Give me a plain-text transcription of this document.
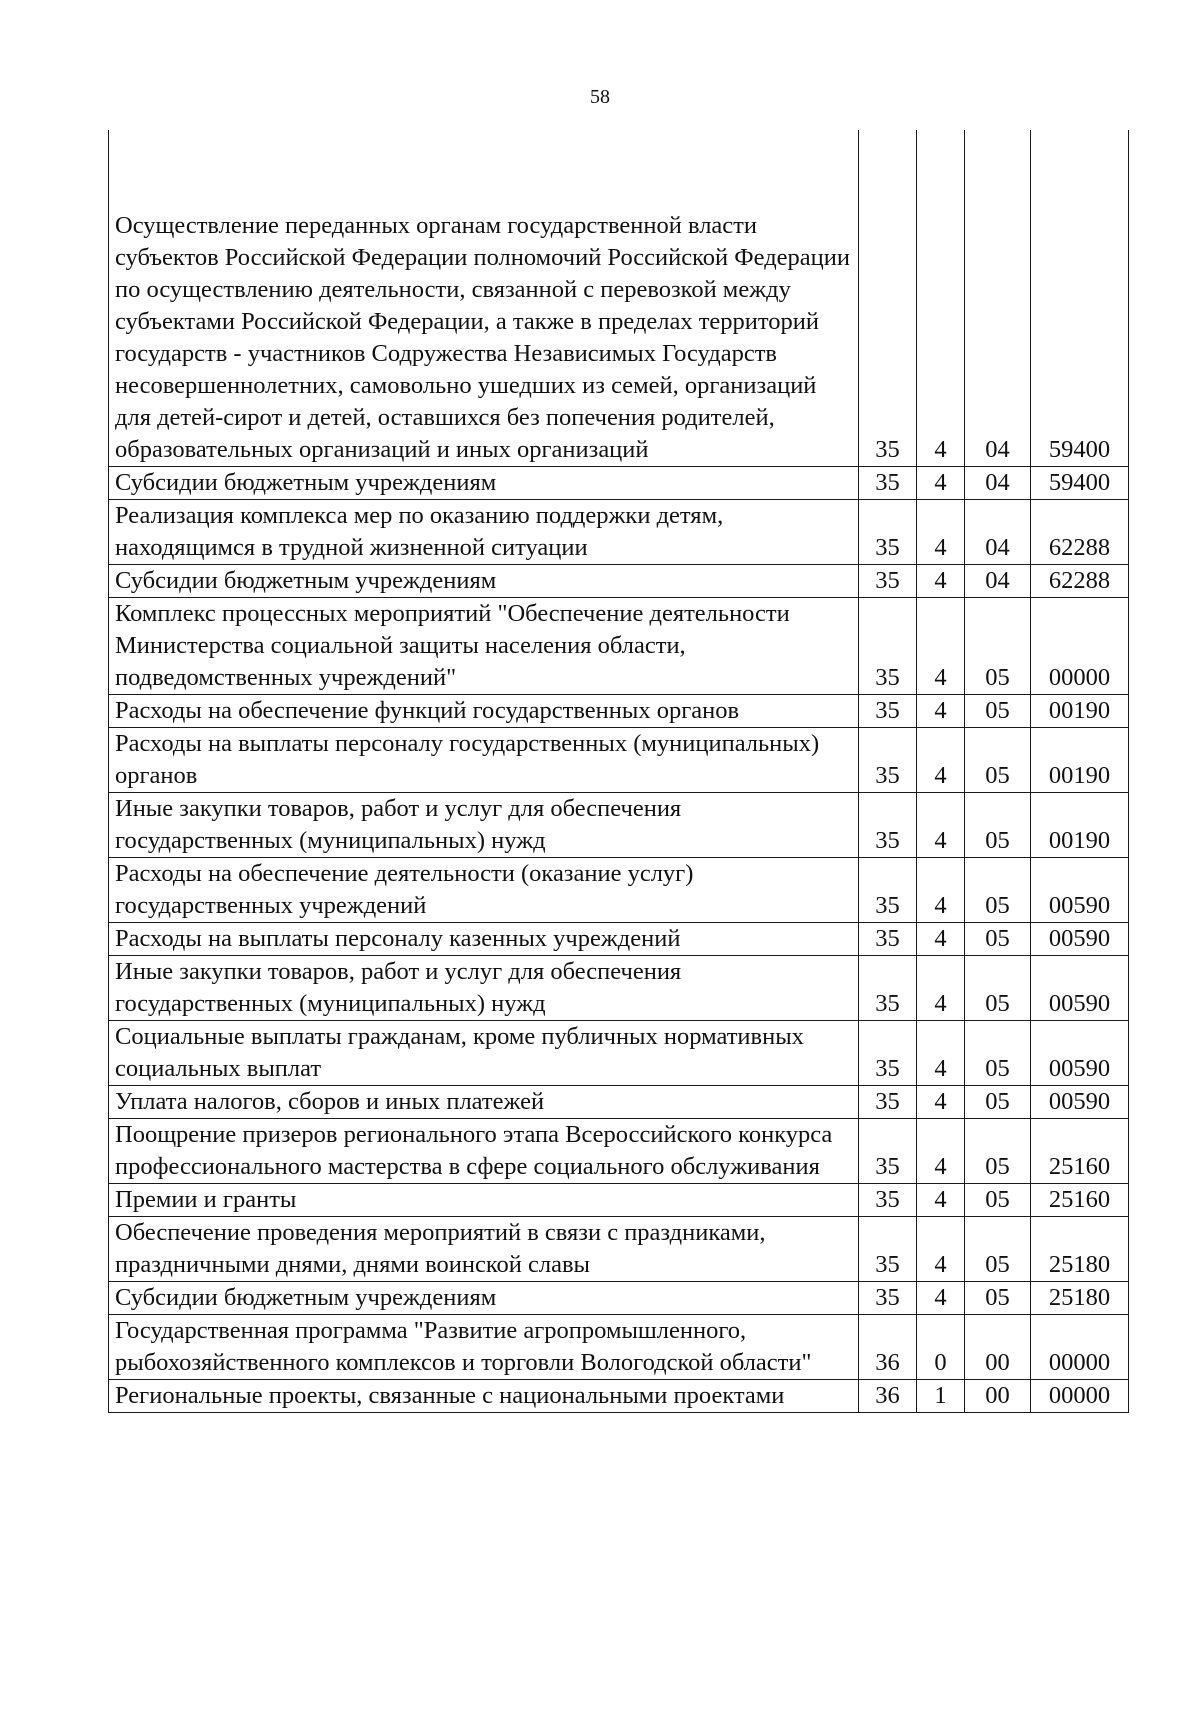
58
Осуществление переданных органам государственной власти субъектов Российской Федерации полномочий Российской Федерации по осуществлению деятельности, связанной с перевозкой между субъектами Российской Федерации, а также в пределах территорий государств - участников Содружества Независимых Государств несовершеннолетних, самовольно ушедших из семей, организаций для детей-сирот и детей, оставшихся без попечения родителей, образовательных организаций и иных организаций	35	4	04	59400
Субсидии бюджетным учреждениям	35	4	04	59400
Реализация комплекса мер по оказанию поддержки детям, находящимся в трудной жизненной ситуации	35	4	04	62288
Субсидии бюджетным учреждениям	35	4	04	62288
Комплекс процессных мероприятий "Обеспечение деятельности Министерства социальной защиты населения области, подведомственных учреждений"	35	4	05	00000
Расходы на обеспечение функций государственных органов	35	4	05	00190
Расходы на выплаты персоналу государственных (муниципальных) органов	35	4	05	00190
Иные закупки товаров, работ и услуг для обеспечения государственных (муниципальных) нужд	35	4	05	00190
Расходы на обеспечение деятельности (оказание услуг) государственных учреждений	35	4	05	00590
Расходы на выплаты персоналу казенных учреждений	35	4	05	00590
Иные закупки товаров, работ и услуг для обеспечения государственных (муниципальных) нужд	35	4	05	00590
Социальные выплаты гражданам, кроме публичных нормативных социальных выплат	35	4	05	00590
Уплата налогов, сборов и иных платежей	35	4	05	00590
Поощрение призеров регионального этапа Всероссийского конкурса профессионального мастерства в сфере социального обслуживания	35	4	05	25160
Премии и гранты	35	4	05	25160
Обеспечение проведения мероприятий в связи с праздниками, праздничными днями, днями воинской славы	35	4	05	25180
Субсидии бюджетным учреждениям	35	4	05	25180
Государственная программа "Развитие агропромышленного, рыбохозяйственного комплексов и торговли Вологодской области"	36	0	00	00000
Региональные проекты, связанные с национальными проектами	36	1	00	00000
